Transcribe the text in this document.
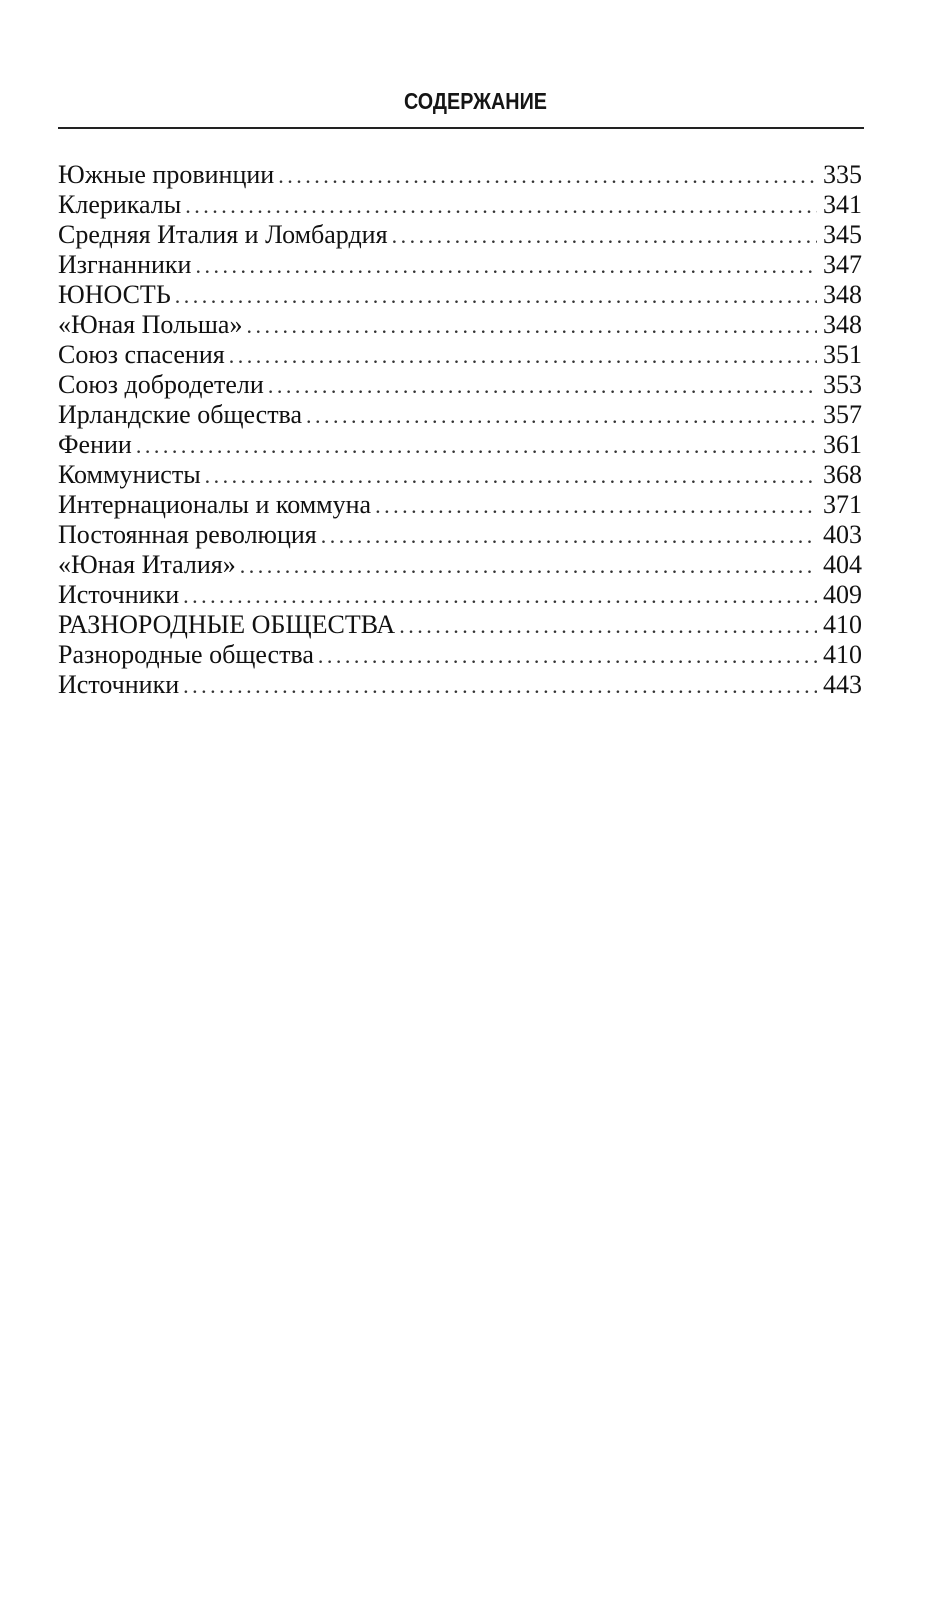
СОДЕРЖАНИЕ
Южные провинции . . .	335
Клерикалы . . .	341
Средняя Италия и Ломбардия . . .	345
Изгнанники . . .	347
ЮНОСТЬ . . .	348
«Юная Польша» . . .	348
Союз спасения . . .	351
Союз добродетели . . .	353
Ирландские общества . . .	357
Фении . . .	361
Коммунисты . . .	368
Интернационалы и коммуна . . .	371
Постоянная революция . . .	403
«Юная Италия» . . .	404
Источники . . .	409
РАЗНОРОДНЫЕ ОБЩЕСТВА . . .	410
Разнородные общества . . .	410
Источники . . .	443
